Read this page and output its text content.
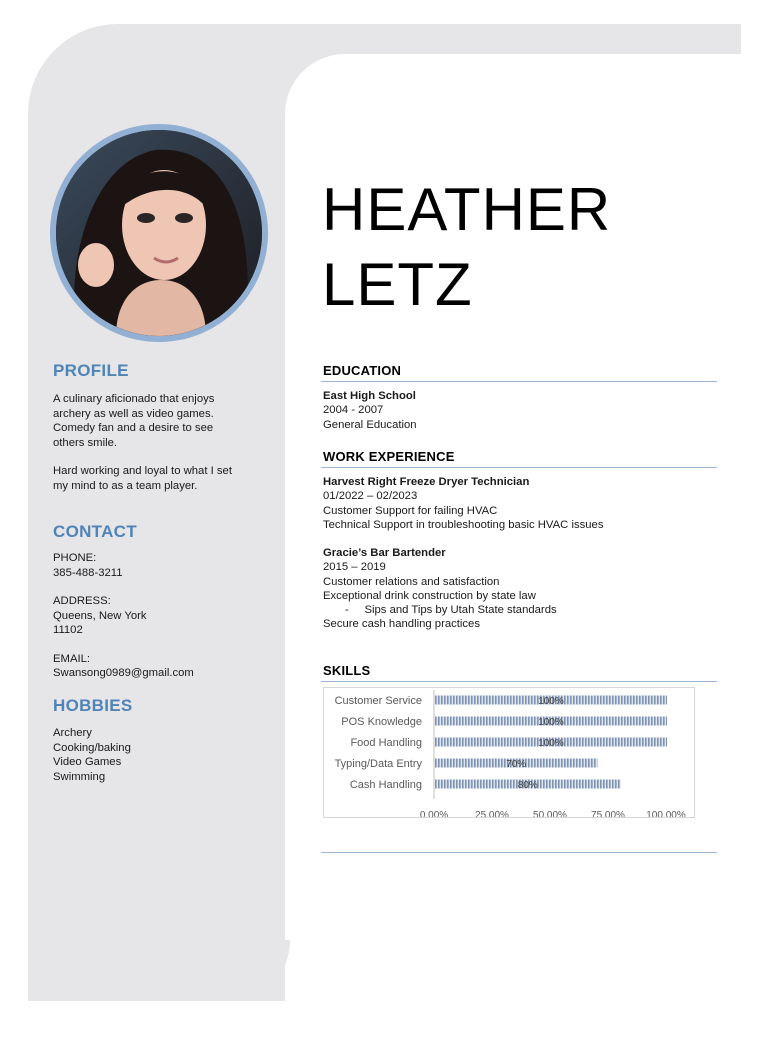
PROFILE
A culinary aficionado that enjoys
archery as well as video games.
Comedy fan and a desire to see
others smile.
Hard working and loyal to what I set
my mind to as a team player.
CONTACT
PHONE:
385-488-3211
ADDRESS:
Queens, New York
11102
EMAIL:
Swansong0989@gmail.com
HOBBIES
Archery
Cooking/baking
Video Games
Swimming
HEATHER
LETZ
EDUCATION
East High School
2004 - 2007
General Education
WORK EXPERIENCE
Harvest Right Freeze Dryer Technician
01/2022 – 02/2023
Customer Support for failing HVAC
Technical Support in troubleshooting basic HVAC issues
Gracie’s Bar Bartender
2015 – 2019
Customer relations and satisfaction
Exceptional drink construction by state law
- Sips and Tips by Utah State standards
Secure cash handling practices
SKILLS
Customer Service	100%
POS Knowledge	100%
Food Handling	100%
Typing/Data Entry	70%
Cash Handling	80%
0.00%	25.00% 50.00% 75.00% 100.00%
